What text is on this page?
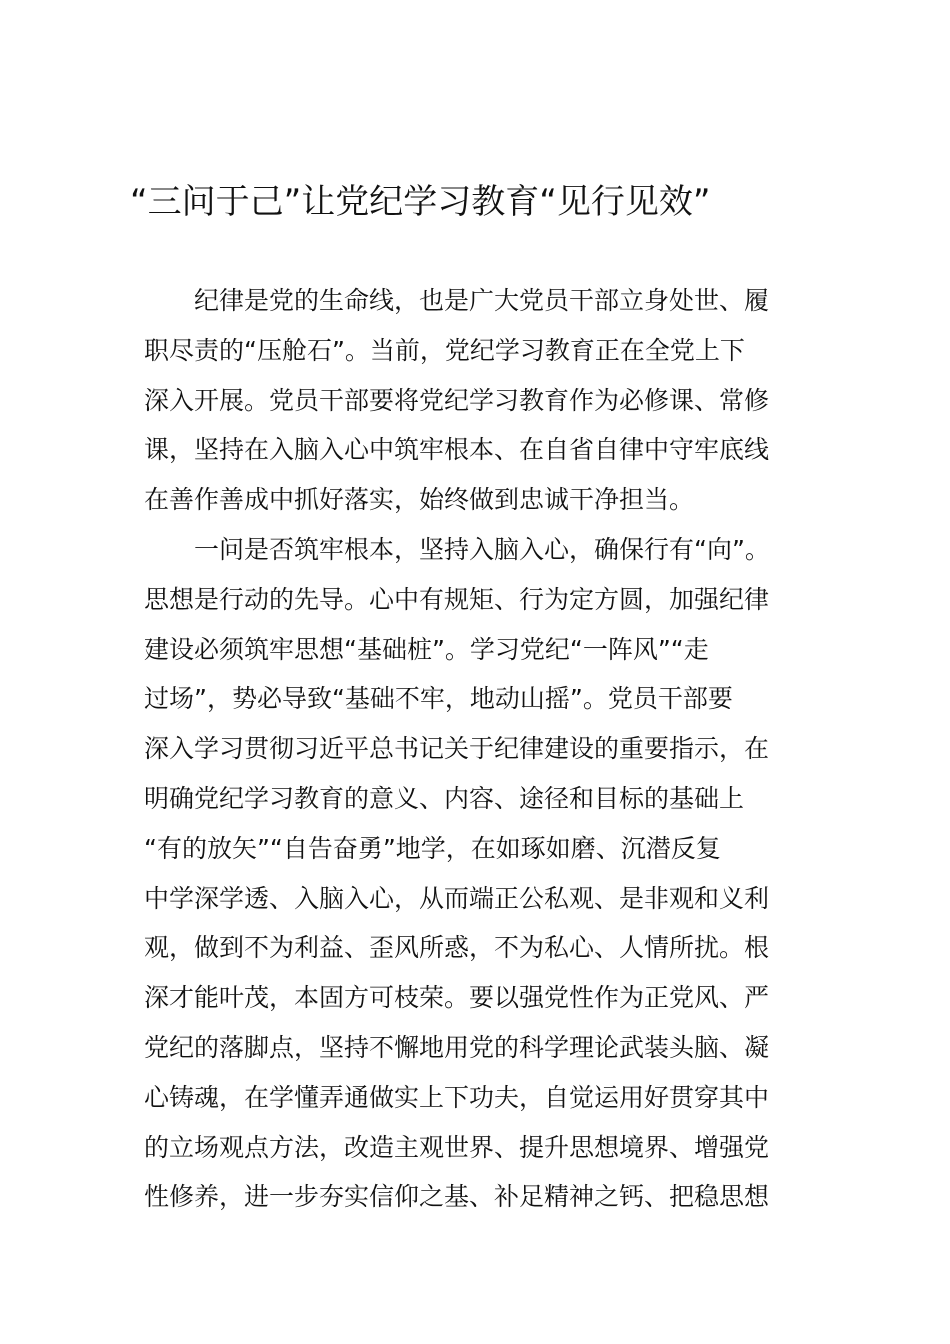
“三问于己”让党纪学习教育“见行见效”
纪律是党的生命线，也是广大党员干部立身处世、履
职尽责的“压舱石”。当前，党纪学习教育正在全党上下
深入开展。党员干部要将党纪学习教育作为必修课、常修
课，坚持在入脑入心中筑牢根本、在自省自律中守牢底线
在善作善成中抓好落实，始终做到忠诚干净担当。
一问是否筑牢根本，坚持入脑入心，确保行有“向”。
思想是行动的先导。心中有规矩、行为定方圆，加强纪律
建设必须筑牢思想“基础桩”。学习党纪“一阵风”“走
过场”，势必导致“基础不牢，地动山摇”。党员干部要
深入学习贯彻习近平总书记关于纪律建设的重要指示，在
明确党纪学习教育的意义、内容、途径和目标的基础上
“有的放矢”“自告奋勇”地学，在如琢如磨、沉潜反复
中学深学透、入脑入心，从而端正公私观、是非观和义利
观，做到不为利益、歪风所惑，不为私心、人情所扰。根
深才能叶茂，本固方可枝荣。要以强党性作为正党风、严
党纪的落脚点，坚持不懈地用党的科学理论武装头脑、凝
心铸魂，在学懂弄通做实上下功夫，自觉运用好贯穿其中
的立场观点方法，改造主观世界、提升思想境界、增强党
性修养，进一步夯实信仰之基、补足精神之钙、把稳思想
